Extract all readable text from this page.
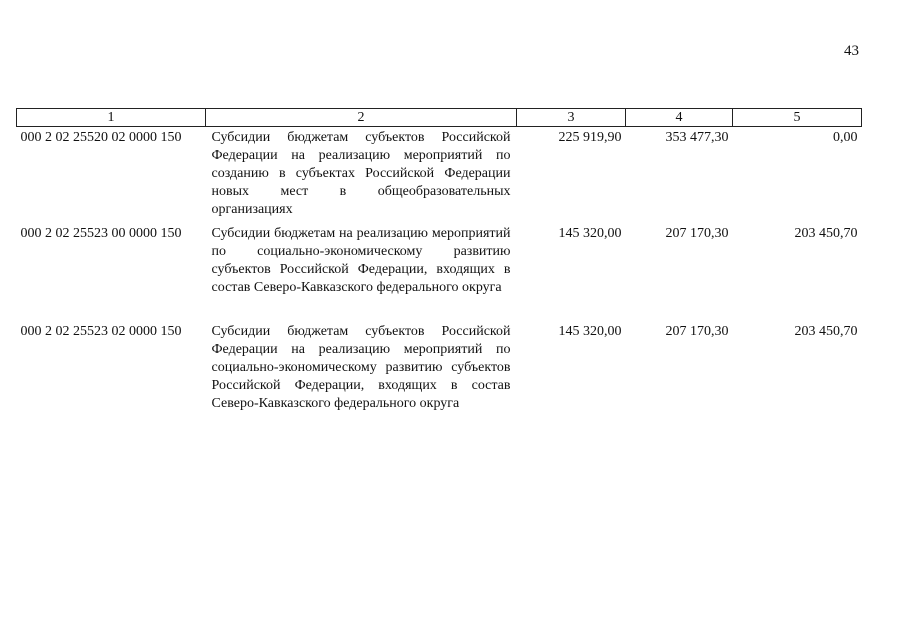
43
1	2	3	4	5
000 2 02 25520 02 0000 150	Субсидии бюджетам субъектов Российской Федерации на реализацию мероприятий по созданию в субъектах Российской Федерации новых мест в общеобразовательных организациях	225 919,90	353 477,30	0,00
000 2 02 25523 00 0000 150	Субсидии бюджетам на реализацию мероприятий по социально-экономическому развитию субъектов Российской Федерации, входящих в состав Северо-Кавказского федерального округа	145 320,00	207 170,30	203 450,70
000 2 02 25523 02 0000 150	Субсидии бюджетам субъектов Российской Федерации на реализацию мероприятий по социально-экономическому развитию субъектов Российской Федерации, входящих в состав Северо-Кавказского федерального округа	145 320,00	207 170,30	203 450,70
